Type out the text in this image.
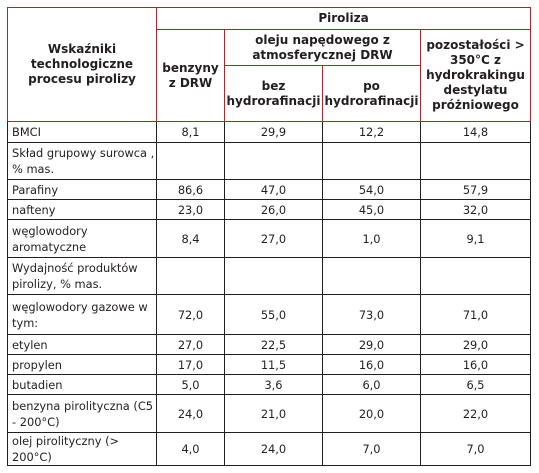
Wskaźniki technologiczne procesu pirolizy	Piroliza			
	benzyny z DRW	oleju napędowego z atmosferycznej DRW		pozostałości > 350°C z hydrokrakingu destylatu próżniowego
		bez hydrorafinacji	po hydrorafinacji	
BMCI	8,1	29,9	12,2	14,8
Skład grupowy surowca , % mas.				
Parafiny	86,6	47,0	54,0	57,9
nafteny	23,0	26,0	45,0	32,0
węglowodory aromatyczne	8,4	27,0	1,0	9,1
Wydajność produktów pirolizy, % mas.				
węglowodory gazowe w tym:	72,0	55,0	73,0	71,0
etylen	27,0	22,5	29,0	29,0
propylen	17,0	11,5	16,0	16,0
butadien	5,0	3,6	6,0	6,5
benzyna pirolityczna (C5 - 200°C)	24,0	21,0	20,0	22,0
olej pirolityczny (> 200°C)	4,0	24,0	7,0	7,0
